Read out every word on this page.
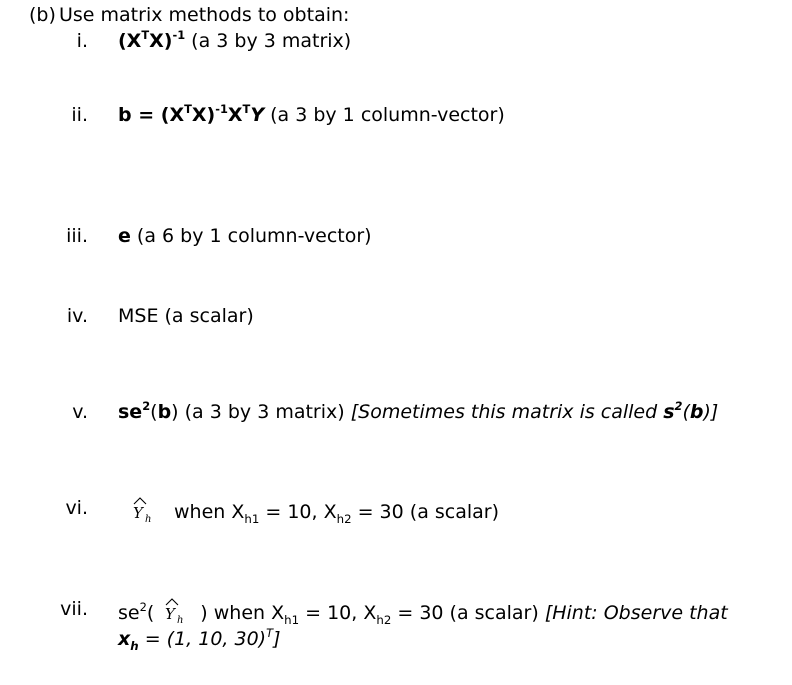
(b) Use matrix methods to obtain:
i. $(X^TX)^{-1}$ (a 3 by 3 matrix)
ii. $b = (X^TX)^{-1}X^TY$ (a 3 by 1 column-vector)
iii. e (a 6 by 1 column-vector)
iv. MSE (a scalar)
v. $se^2(b)$ (a 3 by 3 matrix) [Sometimes this matrix is called $s^2(b)$]
vi.	Y h when $X_{h1} = 10$, $X_{h2} = 30$ (a scalar)
vii. $se^2$( Y h ) when $X_{h1} = 10$, $X_{h2} = 30$ (a scalar) [Hint: Observe that
$x_h = (1$, 10, 30)$^T$]
